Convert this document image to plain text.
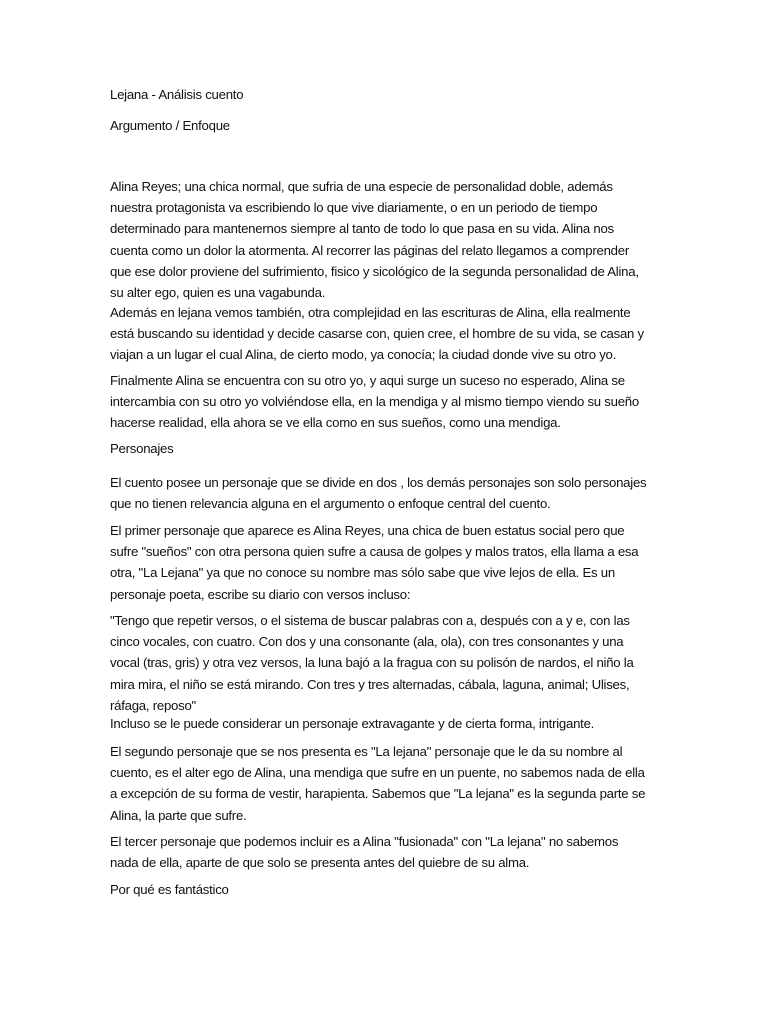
Lejana - Análisis cuento
Argumento / Enfoque
Alina Reyes; una chica normal, que sufria de una especie de personalidad doble, además
nuestra protagonista va escribiendo lo que vive diariamente, o en un periodo de tiempo
determinado para mantenernos siempre al tanto de todo lo que pasa en su vida. Alina nos
cuenta como un dolor la atormenta. Al recorrer las páginas del relato llegamos a comprender
que ese dolor proviene del sufrimiento, fisico y sicológico de la segunda personalidad de Alina,
su alter ego, quien es una vagabunda.
Además en lejana vemos también, otra complejidad en las escrituras de Alina, ella realmente
está buscando su identidad y decide casarse con, quien cree, el hombre de su vida, se casan y
viajan a un lugar el cual Alina, de cierto modo, ya conocía; la ciudad donde vive su otro yo.
Finalmente Alina se encuentra con su otro yo, y aqui surge un suceso no esperado, Alina se
intercambia con su otro yo volviéndose ella, en la mendiga y al mismo tiempo viendo su sueño
hacerse realidad, ella ahora se ve ella como en sus sueños, como una mendiga.
Personajes
El cuento posee un personaje que se divide en dos , los demás personajes son solo personajes
que no tienen relevancia alguna en el argumento o enfoque central del cuento.
El primer personaje que aparece es Alina Reyes, una chica de buen estatus social pero que
sufre "sueños" con otra persona quien sufre a causa de golpes y malos tratos, ella llama a esa
otra, "La Lejana" ya que no conoce su nombre mas sólo sabe que vive lejos de ella. Es un
personaje poeta, escribe su diario con versos incluso:
"Tengo que repetir versos, o el sistema de buscar palabras con a, después con a y e, con las
cinco vocales, con cuatro. Con dos y una consonante (ala, ola), con tres consonantes y una
vocal (tras, gris) y otra vez versos, la luna bajó a la fragua con su polisón de nardos, el niño la
mira mira, el niño se está mirando. Con tres y tres alternadas, cábala, laguna, animal; Ulises,
ráfaga, reposo"
Incluso se le puede considerar un personaje extravagante y de cierta forma, intrigante.
El segundo personaje que se nos presenta es "La lejana" personaje que le da su nombre al
cuento, es el alter ego de Alina, una mendiga que sufre en un puente, no sabemos nada de ella
a excepción de su forma de vestir, harapienta. Sabemos que "La lejana" es la segunda parte se
Alina, la parte que sufre.
El tercer personaje que podemos incluir es a Alina "fusionada" con "La lejana" no sabemos
nada de ella, aparte de que solo se presenta antes del quiebre de su alma.
Por qué es fantástico
